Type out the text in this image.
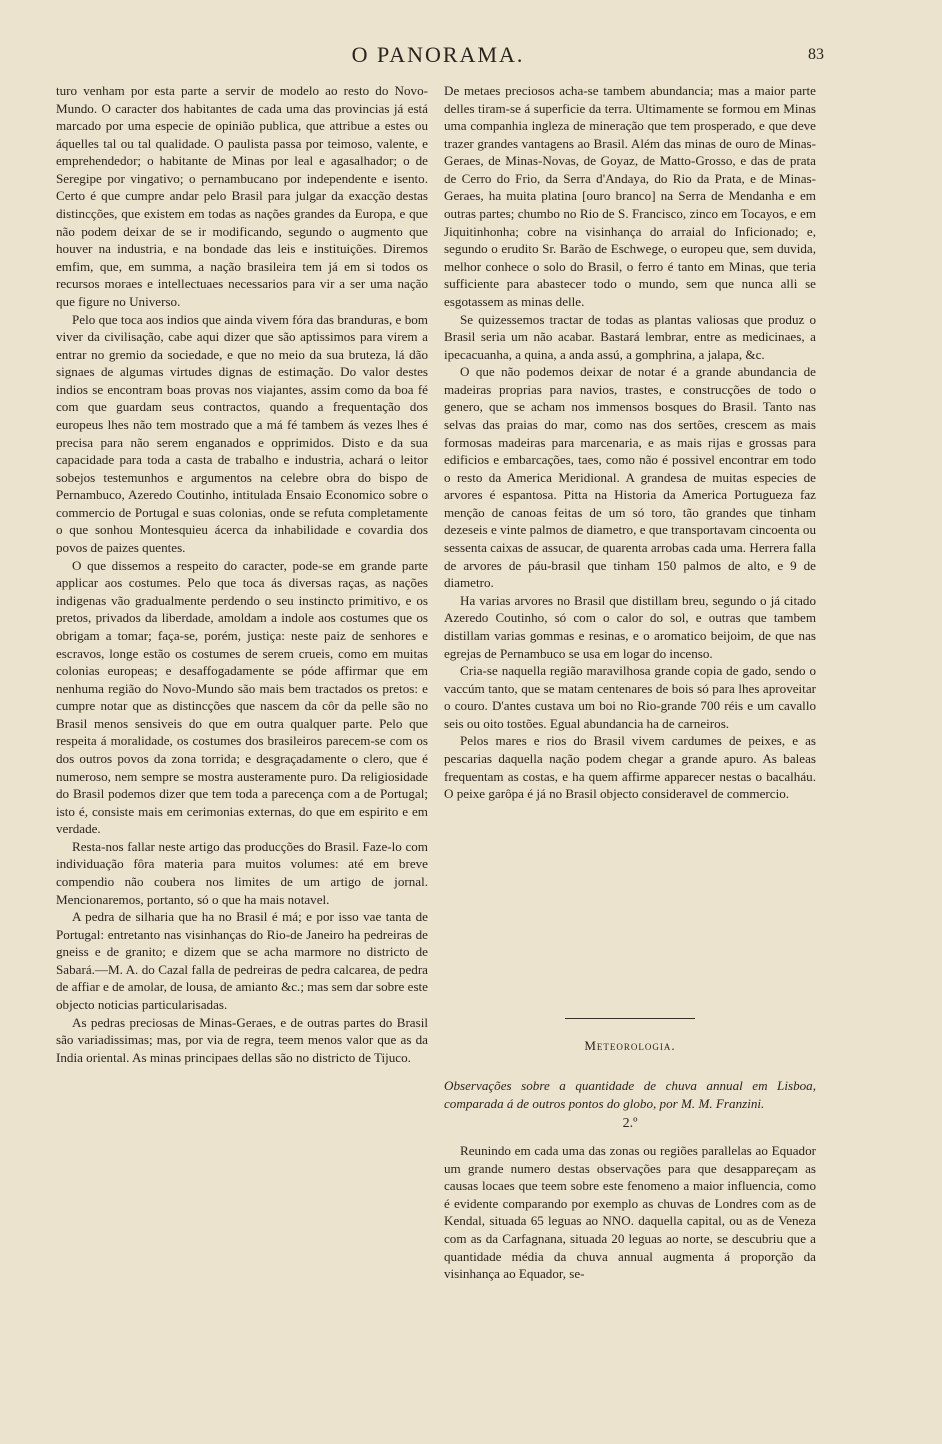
O PANORAMA.	83

turo venham por esta parte a servir de modelo ao resto do Novo-Mundo. O caracter dos habitantes de cada uma das provincias já está marcado por uma especie de opinião publica, que attribue a estes ou áquelles tal ou tal qualidade. O paulista passa por teimoso, valente, e emprehendedor; o habitante de Minas por leal e agasalhador; o de Seregipe por vingativo; o pernambucano por independente e isento. Certo é que cumpre andar pelo Brasil para julgar da exacção destas distincções, que existem em todas as nações grandes da Europa, e que não podem deixar de se ir modificando, segundo o augmento que houver na industria, e na bondade das leis e instituições. Diremos emfim, que, em summa, a nação brasileira tem já em si todos os recursos moraes e intellectuaes necessarios para vir a ser uma nação que figure no Universo.

Pelo que toca aos indios que ainda vivem fóra das branduras, e bom viver da civilisação, cabe aqui dizer que são aptissimos para virem a entrar no gremio da sociedade, e que no meio da sua bruteza, lá dão signaes de algumas virtudes dignas de estimação. Do valor destes indios se encontram boas provas nos viajantes, assim como da boa fé com que guardam seus contractos, quando a frequentação dos europeus lhes não tem mostrado que a má fé tambem ás vezes lhes é precisa para não serem enganados e opprimidos. Disto e da sua capacidade para toda a casta de trabalho e industria, achará o leitor sobejos testemunhos e argumentos na celebre obra do bispo de Pernambuco, Azeredo Coutinho, intitulada Ensaio Economico sobre o commercio de Portugal e suas colonias, onde se refuta completamente o que sonhou Montesquieu ácerca da inhabilidade e covardia dos povos de paizes quentes.

O que dissemos a respeito do caracter, pode-se em grande parte applicar aos costumes. Pelo que toca ás diversas raças, as nações indigenas vão gradualmente perdendo o seu instincto primitivo, e os pretos, privados da liberdade, amoldam a indole aos costumes que os obrigam a tomar; faça-se, porém, justiça: neste paiz de senhores e escravos, longe estão os costumes de serem crueis, como em muitas colonias europeas; e desaffogadamente se póde affirmar que em nenhuma região do Novo-Mundo são mais bem tractados os pretos: e cumpre notar que as distincções que nascem da côr da pelle são no Brasil menos sensiveis do que em outra qualquer parte. Pelo que respeita á moralidade, os costumes dos brasileiros parecem-se com os dos outros povos da zona torrida; e desgraçadamente o clero, que é numeroso, nem sempre se mostra austeramente puro. Da religiosidade do Brasil podemos dizer que tem toda a parecença com a de Portugal; isto é, consiste mais em cerimonias externas, do que em espirito e em verdade.

Resta-nos fallar neste artigo das producções do Brasil. Faze-lo com individuação fôra materia para muitos volumes: até em breve compendio não coubera nos limites de um artigo de jornal. Mencionaremos, portanto, só o que ha mais notavel.

A pedra de silharia que ha no Brasil é má; e por isso vae tanta de Portugal: entretanto nas visinhanças do Rio-de Janeiro ha pedreiras de gneiss e de granito; e dizem que se acha marmore no districto de Sabará.—M. A. do Cazal falla de pedreiras de pedra calcarea, de pedra de affiar e de amolar, de lousa, de amianto &c.; mas sem dar sobre este objecto noticias particularisadas.

As pedras preciosas de Minas-Geraes, e de outras partes do Brasil são variadissimas; mas, por via de regra, teem menos valor que as da India oriental. As minas principaes dellas são no districto de Tijuco.

De metaes preciosos acha-se tambem abundancia; mas a maior parte delles tiram-se á superficie da terra. Ultimamente se formou em Minas uma companhia ingleza de mineração que tem prosperado, e que deve trazer grandes vantagens ao Brasil. Além das minas de ouro de Minas-Geraes, de Minas-Novas, de Goyaz, de Matto-Grosso, e das de prata de Cerro do Frio, da Serra d'Andaya, do Rio da Prata, e de Minas-Geraes, ha muita platina [ouro branco] na Serra de Mendanha e em outras partes; chumbo no Rio de S. Francisco, zinco em Tocayos, e em Jiquitinhonha; cobre na visinhança do arraial do Inficionado; e, segundo o erudito Sr. Barão de Eschwege, o europeu que, sem duvida, melhor conhece o solo do Brasil, o ferro é tanto em Minas, que teria sufficiente para abastecer todo o mundo, sem que nunca alli se esgotassem as minas delle.

Se quizessemos tractar de todas as plantas valiosas que produz o Brasil seria um não acabar. Bastará lembrar, entre as medicinaes, a ipecacuanha, a quina, a anda assú, a gomphrina, a jalapa, &c.

O que não podemos deixar de notar é a grande abundancia de madeiras proprias para navios, trastes, e construcções de todo o genero, que se acham nos immensos bosques do Brasil. Tanto nas selvas das praias do mar, como nas dos sertões, crescem as mais formosas madeiras para marcenaria, e as mais rijas e grossas para edificios e embarcações, taes, como não é possivel encontrar em todo o resto da America Meridional. A grandesa de muitas especies de arvores é espantosa. Pitta na Historia da America Portugueza faz menção de canoas feitas de um só toro, tão grandes que tinham dezeseis e vinte palmos de diametro, e que transportavam cincoenta ou sessenta caixas de assucar, de quarenta arrobas cada uma. Herrera falla de arvores de páu-brasil que tinham 150 palmos de alto, e 9 de diametro.

Ha varias arvores no Brasil que distillam breu, segundo o já citado Azeredo Coutinho, só com o calor do sol, e outras que tambem distillam varias gommas e resinas, e o aromatico beijoim, de que nas egrejas de Pernambuco se usa em logar do incenso.

Cria-se naquella região maravilhosa grande copia de gado, sendo o vaccúm tanto, que se matam centenares de bois só para lhes aproveitar o couro. D'antes custava um boi no Rio-grande 700 réis e um cavallo seis ou oito tostões. Egual abundancia ha de carneiros.

Pelos mares e rios do Brasil vivem cardumes de peixes, e as pescarias daquella nação podem chegar a grande apuro. As baleas frequentam as costas, e ha quem affirme apparecer nestas o bacalháu. O peixe garôpa é já no Brasil objecto consideravel de commercio.

Meteorologia.

Observações sobre a quantidade de chuva annual em Lisboa, comparada á de outros pontos do globo, por M. M. Franzini.

2.º

Reunindo em cada uma das zonas ou regiões parallelas ao Equador um grande numero destas observações para que desappareçam as causas locaes que teem sobre este fenomeno a maior influencia, como é evidente comparando por exemplo as chuvas de Londres com as de Kendal, situada 65 leguas ao NNO. daquella capital, ou as de Veneza com as da Carfagnana, situada 20 leguas ao norte, se descubriu que a quantidade média da chuva annual augmenta á proporção da visinhança ao Equador, se-
